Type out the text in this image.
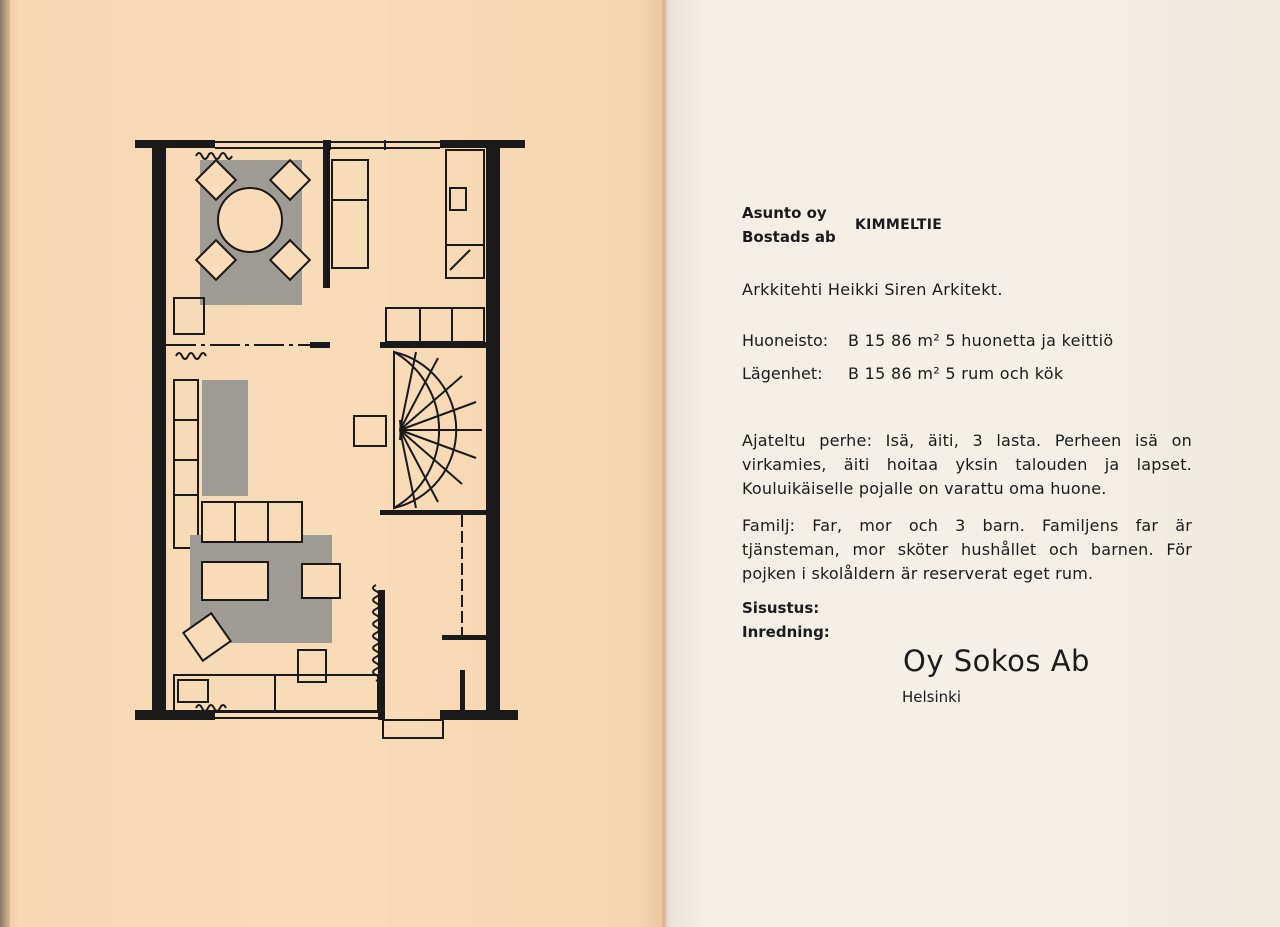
Asunto oy

Bostads ab

KIMMELTIE

Arkkitehti Heikki Siren Arkitekt.

Huoneisto: B 15 86 m² 5 huonetta ja keittiö
Lägenhet: B 15 86 m² 5 rum och kök

Ajateltu perhe: Isä, äiti, 3 lasta. Perheen isä on virkamies, äiti hoitaa yksin talouden ja lapset. Kouluikäiselle pojalle on varattu oma huone.

Familj: Far, mor och 3 barn. Familjens far är tjänsteman, mor sköter hushållet och barnen. För pojken i skolåldern är reserverat eget rum.

Sisustus:

Inredning:

Oy Sokos Ab

Helsinki
